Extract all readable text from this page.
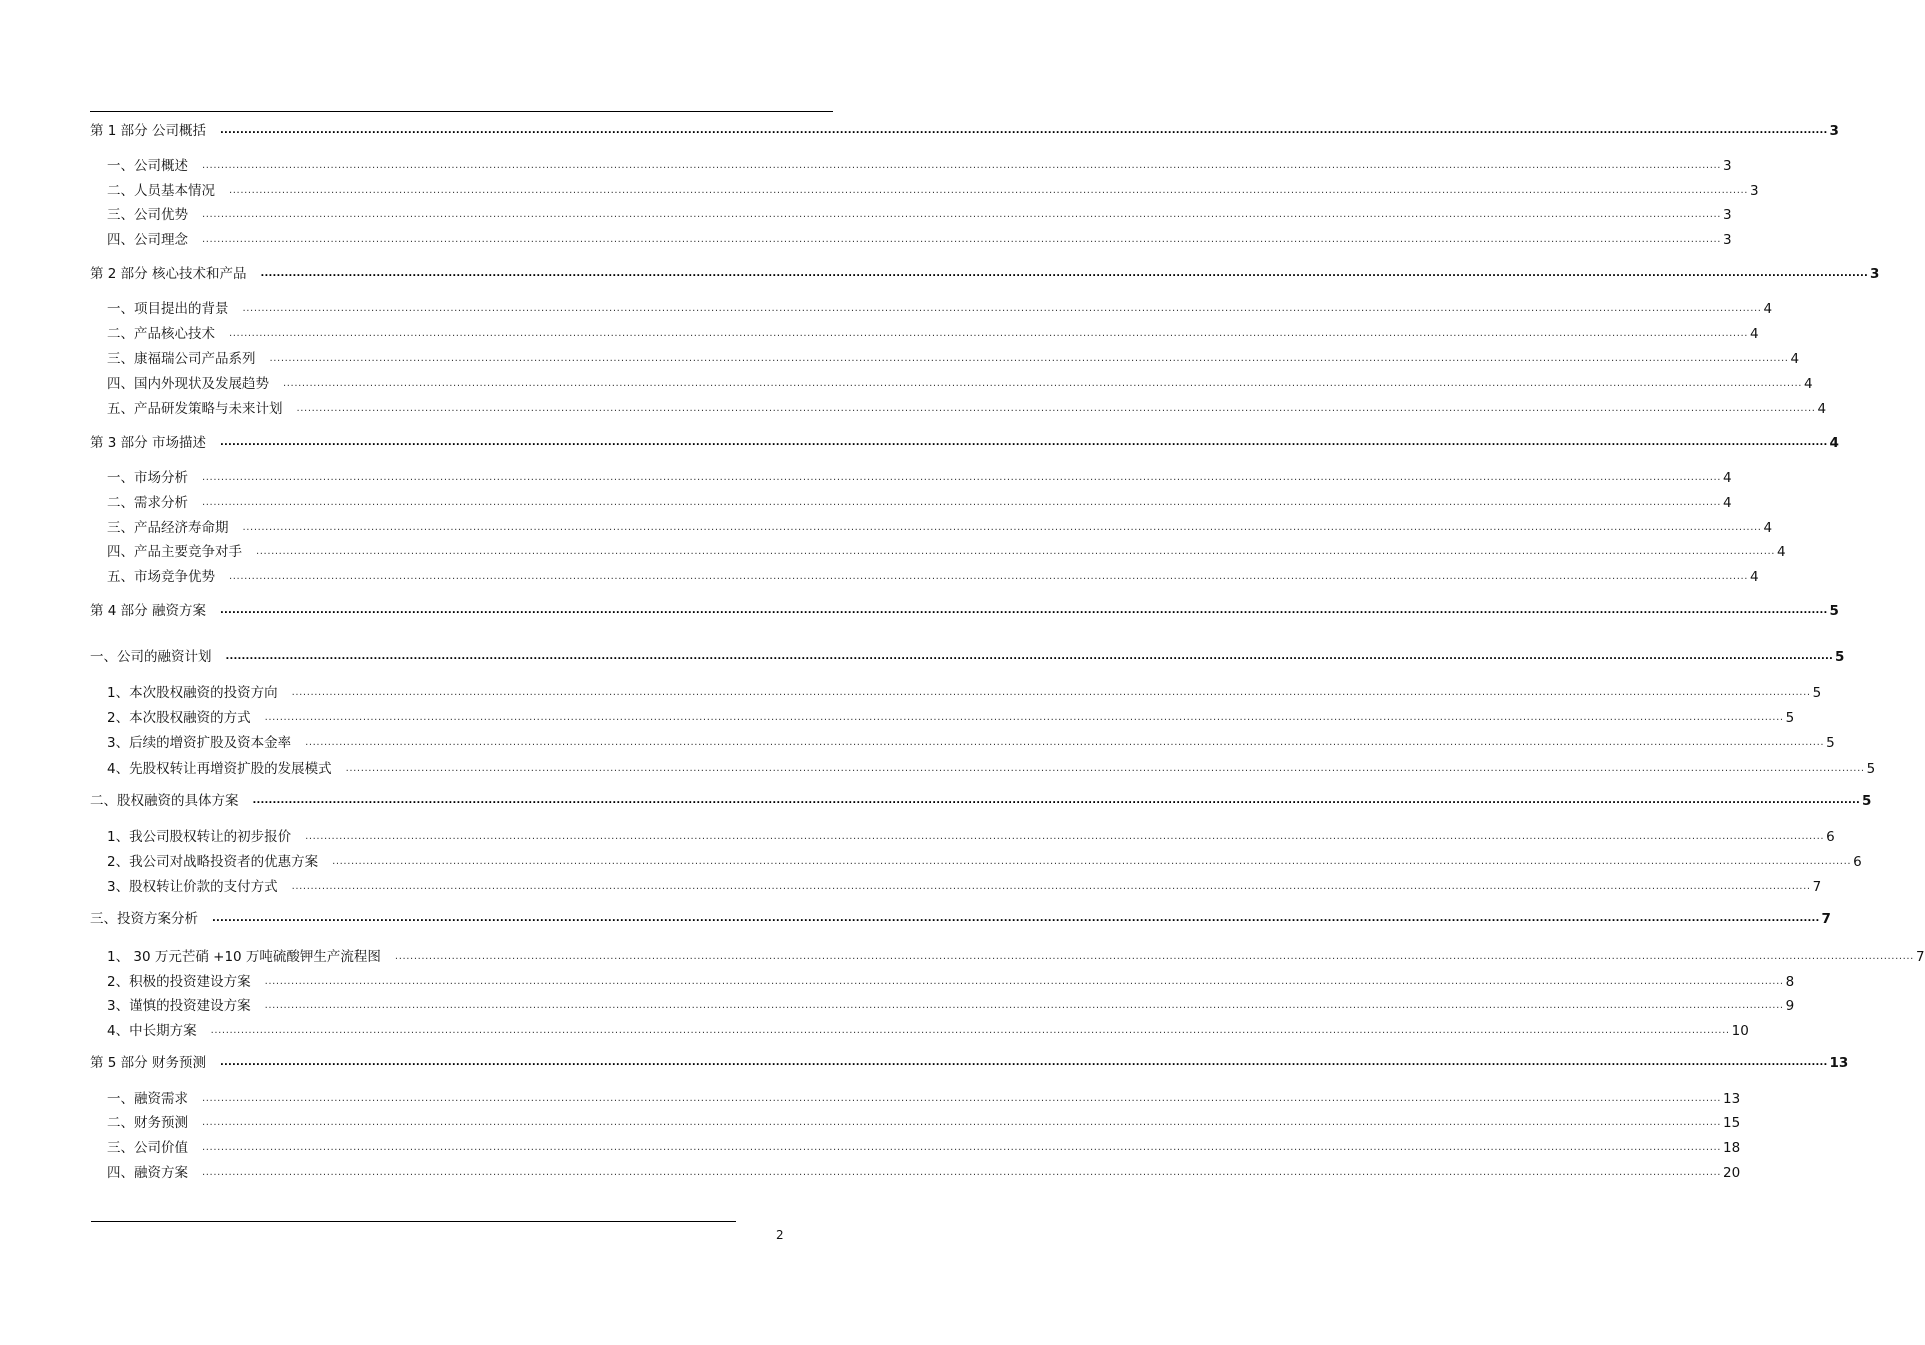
第 1 部分 公司概括	.................................................................................................................................................................................................................................................................................................................................................................................................................. 3
一、公司概述	.................................................................................................................................................................................................................................................................................................................................................................................................................. 3
二、人员基本情况	.................................................................................................................................................................................................................................................................................................................................................................................................................. 3
三、公司优势	.................................................................................................................................................................................................................................................................................................................................................................................................................. 3
四、公司理念	.................................................................................................................................................................................................................................................................................................................................................................................................................. 3
第 2 部分 核心技术和产品	.................................................................................................................................................................................................................................................................................................................................................................................................................. 3
一、项目提出的背景	.................................................................................................................................................................................................................................................................................................................................................................................................................. 4
二、产品核心技术	.................................................................................................................................................................................................................................................................................................................................................................................................................. 4
三、康福瑞公司产品系列	.................................................................................................................................................................................................................................................................................................................................................................................................................. 4
四、国内外现状及发展趋势	.................................................................................................................................................................................................................................................................................................................................................................................................................. 4
五、产品研发策略与未来计划	.................................................................................................................................................................................................................................................................................................................................................................................................................. 4
第 3 部分 市场描述	.................................................................................................................................................................................................................................................................................................................................................................................................................. 4
一、市场分析	.................................................................................................................................................................................................................................................................................................................................................................................................................. 4
二、需求分析	.................................................................................................................................................................................................................................................................................................................................................................................................................. 4
三、产品经济寿命期	.................................................................................................................................................................................................................................................................................................................................................................................................................. 4
四、产品主要竞争对手	.................................................................................................................................................................................................................................................................................................................................................................................................................. 4
五、市场竞争优势	.................................................................................................................................................................................................................................................................................................................................................................................................................. 4
第 4 部分 融资方案	.................................................................................................................................................................................................................................................................................................................................................................................................................. 5
一、公司的融资计划	.................................................................................................................................................................................................................................................................................................................................................................................................................. 5
1、本次股权融资的投资方向	.................................................................................................................................................................................................................................................................................................................................................................................................................. 5
2、本次股权融资的方式	.................................................................................................................................................................................................................................................................................................................................................................................................................. 5
3、后续的增资扩股及资本金率	.................................................................................................................................................................................................................................................................................................................................................................................................................. 5
4、先股权转让再增资扩股的发展模式	.................................................................................................................................................................................................................................................................................................................................................................................................................. 5
二、股权融资的具体方案	.................................................................................................................................................................................................................................................................................................................................................................................................................. 5
1、我公司股权转让的初步报价	.................................................................................................................................................................................................................................................................................................................................................................................................................. 6
2、我公司对战略投资者的优惠方案	.................................................................................................................................................................................................................................................................................................................................................................................................................. 6
3、股权转让价款的支付方式	.................................................................................................................................................................................................................................................................................................................................................................................................................. 7
三、投资方案分析	.................................................................................................................................................................................................................................................................................................................................................................................................................. 7
1、 30 万元芒硝 +10 万吨硫酸钾生产流程图	.................................................................................................................................................................................................................................................................................................................................................................................................................. 7
2、积极的投资建设方案	.................................................................................................................................................................................................................................................................................................................................................................................................................. 8
3、谨慎的投资建设方案	.................................................................................................................................................................................................................................................................................................................................................................................................................. 9
4、中长期方案	.................................................................................................................................................................................................................................................................................................................................................................................................................. 10
第 5 部分 财务预测	.................................................................................................................................................................................................................................................................................................................................................................................................................. 13
一、融资需求	.................................................................................................................................................................................................................................................................................................................................................................................................................. 13
二、财务预测	.................................................................................................................................................................................................................................................................................................................................................................................................................. 15
三、公司价值	.................................................................................................................................................................................................................................................................................................................................................................................................................. 18
四、融资方案	.................................................................................................................................................................................................................................................................................................................................................................................................................. 20
2
